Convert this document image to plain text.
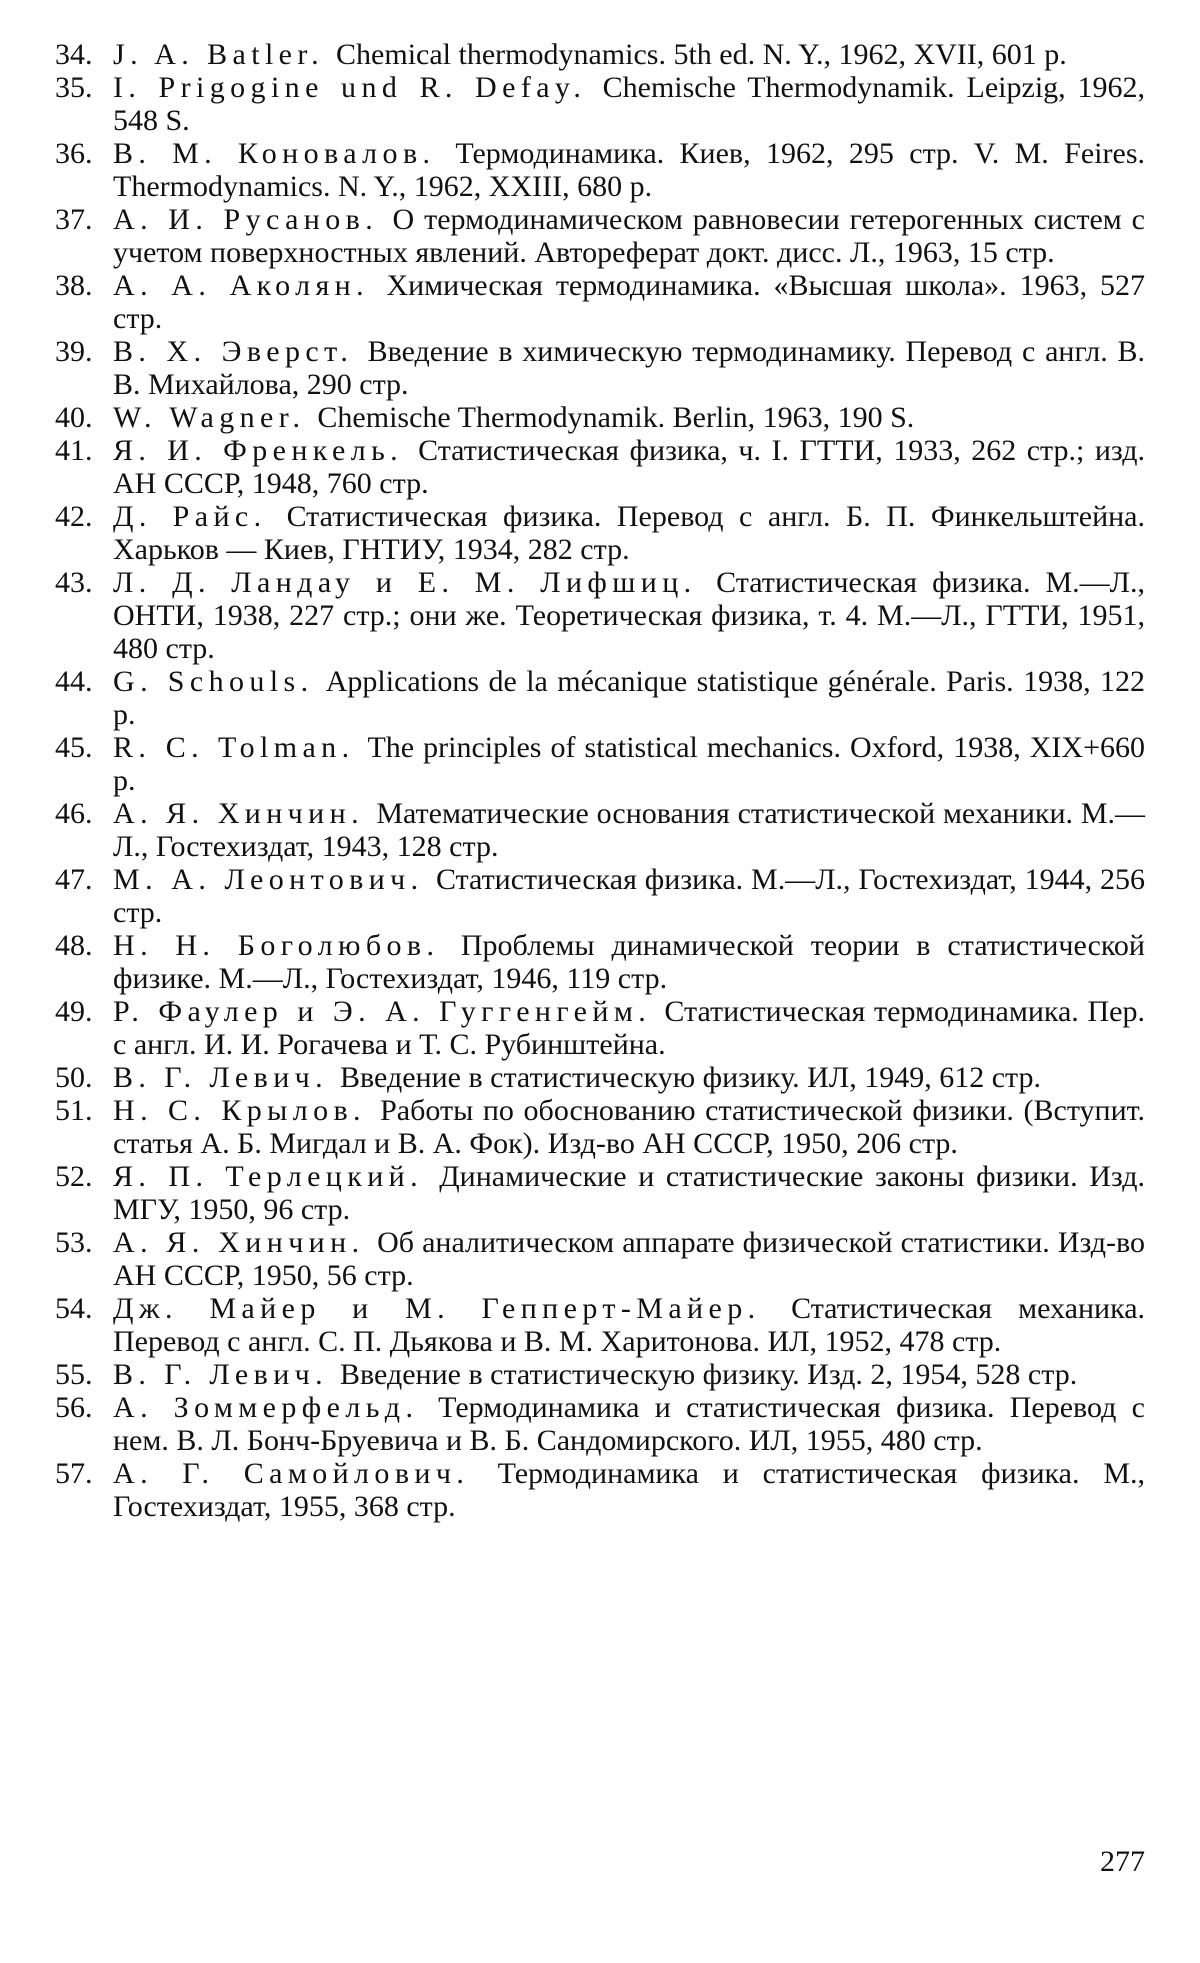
34. J. A. Batler. Chemical thermodynamics. 5th ed. N. Y., 1962, XVII, 601 p.
35. I. Prigogine und R. Defay. Chemische Thermodynamik. Leipzig, 1962, 548 S.
36. В. М. Коновалов. Термодинамика. Киев, 1962, 295 стр. V. M. Feires. Thermodynamics. N. Y., 1962, XXIII, 680 p.
37. А. И. Русанов. О термодинамическом равновесии гетерогенных систем с учетом поверхностных явлений. Автореферат докт. дисс. Л., 1963, 15 стр.
38. А. А. Аколян. Химическая термодинамика. «Высшая школа». 1963, 527 стр.
39. В. Х. Эверст. Введение в химическую термодинамику. Перевод с англ. В. В. Михайлова, 290 стр.
40. W. Wagner. Chemische Thermodynamik. Berlin, 1963, 190 S.
41. Я. И. Френкель. Статистическая физика, ч. I. ГТТИ, 1933, 262 стр.; изд. АН СССР, 1948, 760 стр.
42. Д. Райс. Статистическая физика. Перевод с англ. Б. П. Финкельштейна. Харьков — Киев, ГНТИУ, 1934, 282 стр.
43. Л. Д. Ландау и Е. М. Лифшиц. Статистическая физика. М.—Л., ОНТИ, 1938, 227 стр.; они же. Теоретическая физика, т. 4. М.—Л., ГТТИ, 1951, 480 стр.
44. G. Schouls. Applications de la mécanique statistique générale. Paris. 1938, 122 p.
45. R. C. Tolman. The principles of statistical mechanics. Oxford, 1938, XIX+660 p.
46. А. Я. Хинчин. Математические основания статистической механики. М.—Л., Гостехиздат, 1943, 128 стр.
47. М. А. Леонтович. Статистическая физика. М.—Л., Гостехиздат, 1944, 256 стр.
48. Н. Н. Боголюбов. Проблемы динамической теории в статистической физике. М.—Л., Гостехиздат, 1946, 119 стр.
49. Р. Фаулер и Э. А. Гуггенгейм. Статистическая термодинамика. Пер. с англ. И. И. Рогачева и Т. С. Рубинштейна.
50. В. Г. Левич. Введение в статистическую физику. ИЛ, 1949, 612 стр.
51. Н. С. Крылов. Работы по обоснованию статистической физики. (Вступит. статья А. Б. Мигдал и В. А. Фок). Изд-во АН СССР, 1950, 206 стр.
52. Я. П. Терлецкий. Динамические и статистические законы физики. Изд. МГУ, 1950, 96 стр.
53. А. Я. Хинчин. Об аналитическом аппарате физической статистики. Изд-во АН СССР, 1950, 56 стр.
54. Дж. Майер и М. Гепперт-Майер. Статистическая механика. Перевод с англ. С. П. Дьякова и В. М. Харитонова. ИЛ, 1952, 478 стр.
55. В. Г. Левич. Введение в статистическую физику. Изд. 2, 1954, 528 стр.
56. А. Зоммерфельд. Термодинамика и статистическая физика. Перевод с нем. В. Л. Бонч-Бруевича и В. Б. Сандомирского. ИЛ, 1955, 480 стр.
57. А. Г. Самойлович. Термодинамика и статистическая физика. М., Гостехиздат, 1955, 368 стр.
277
